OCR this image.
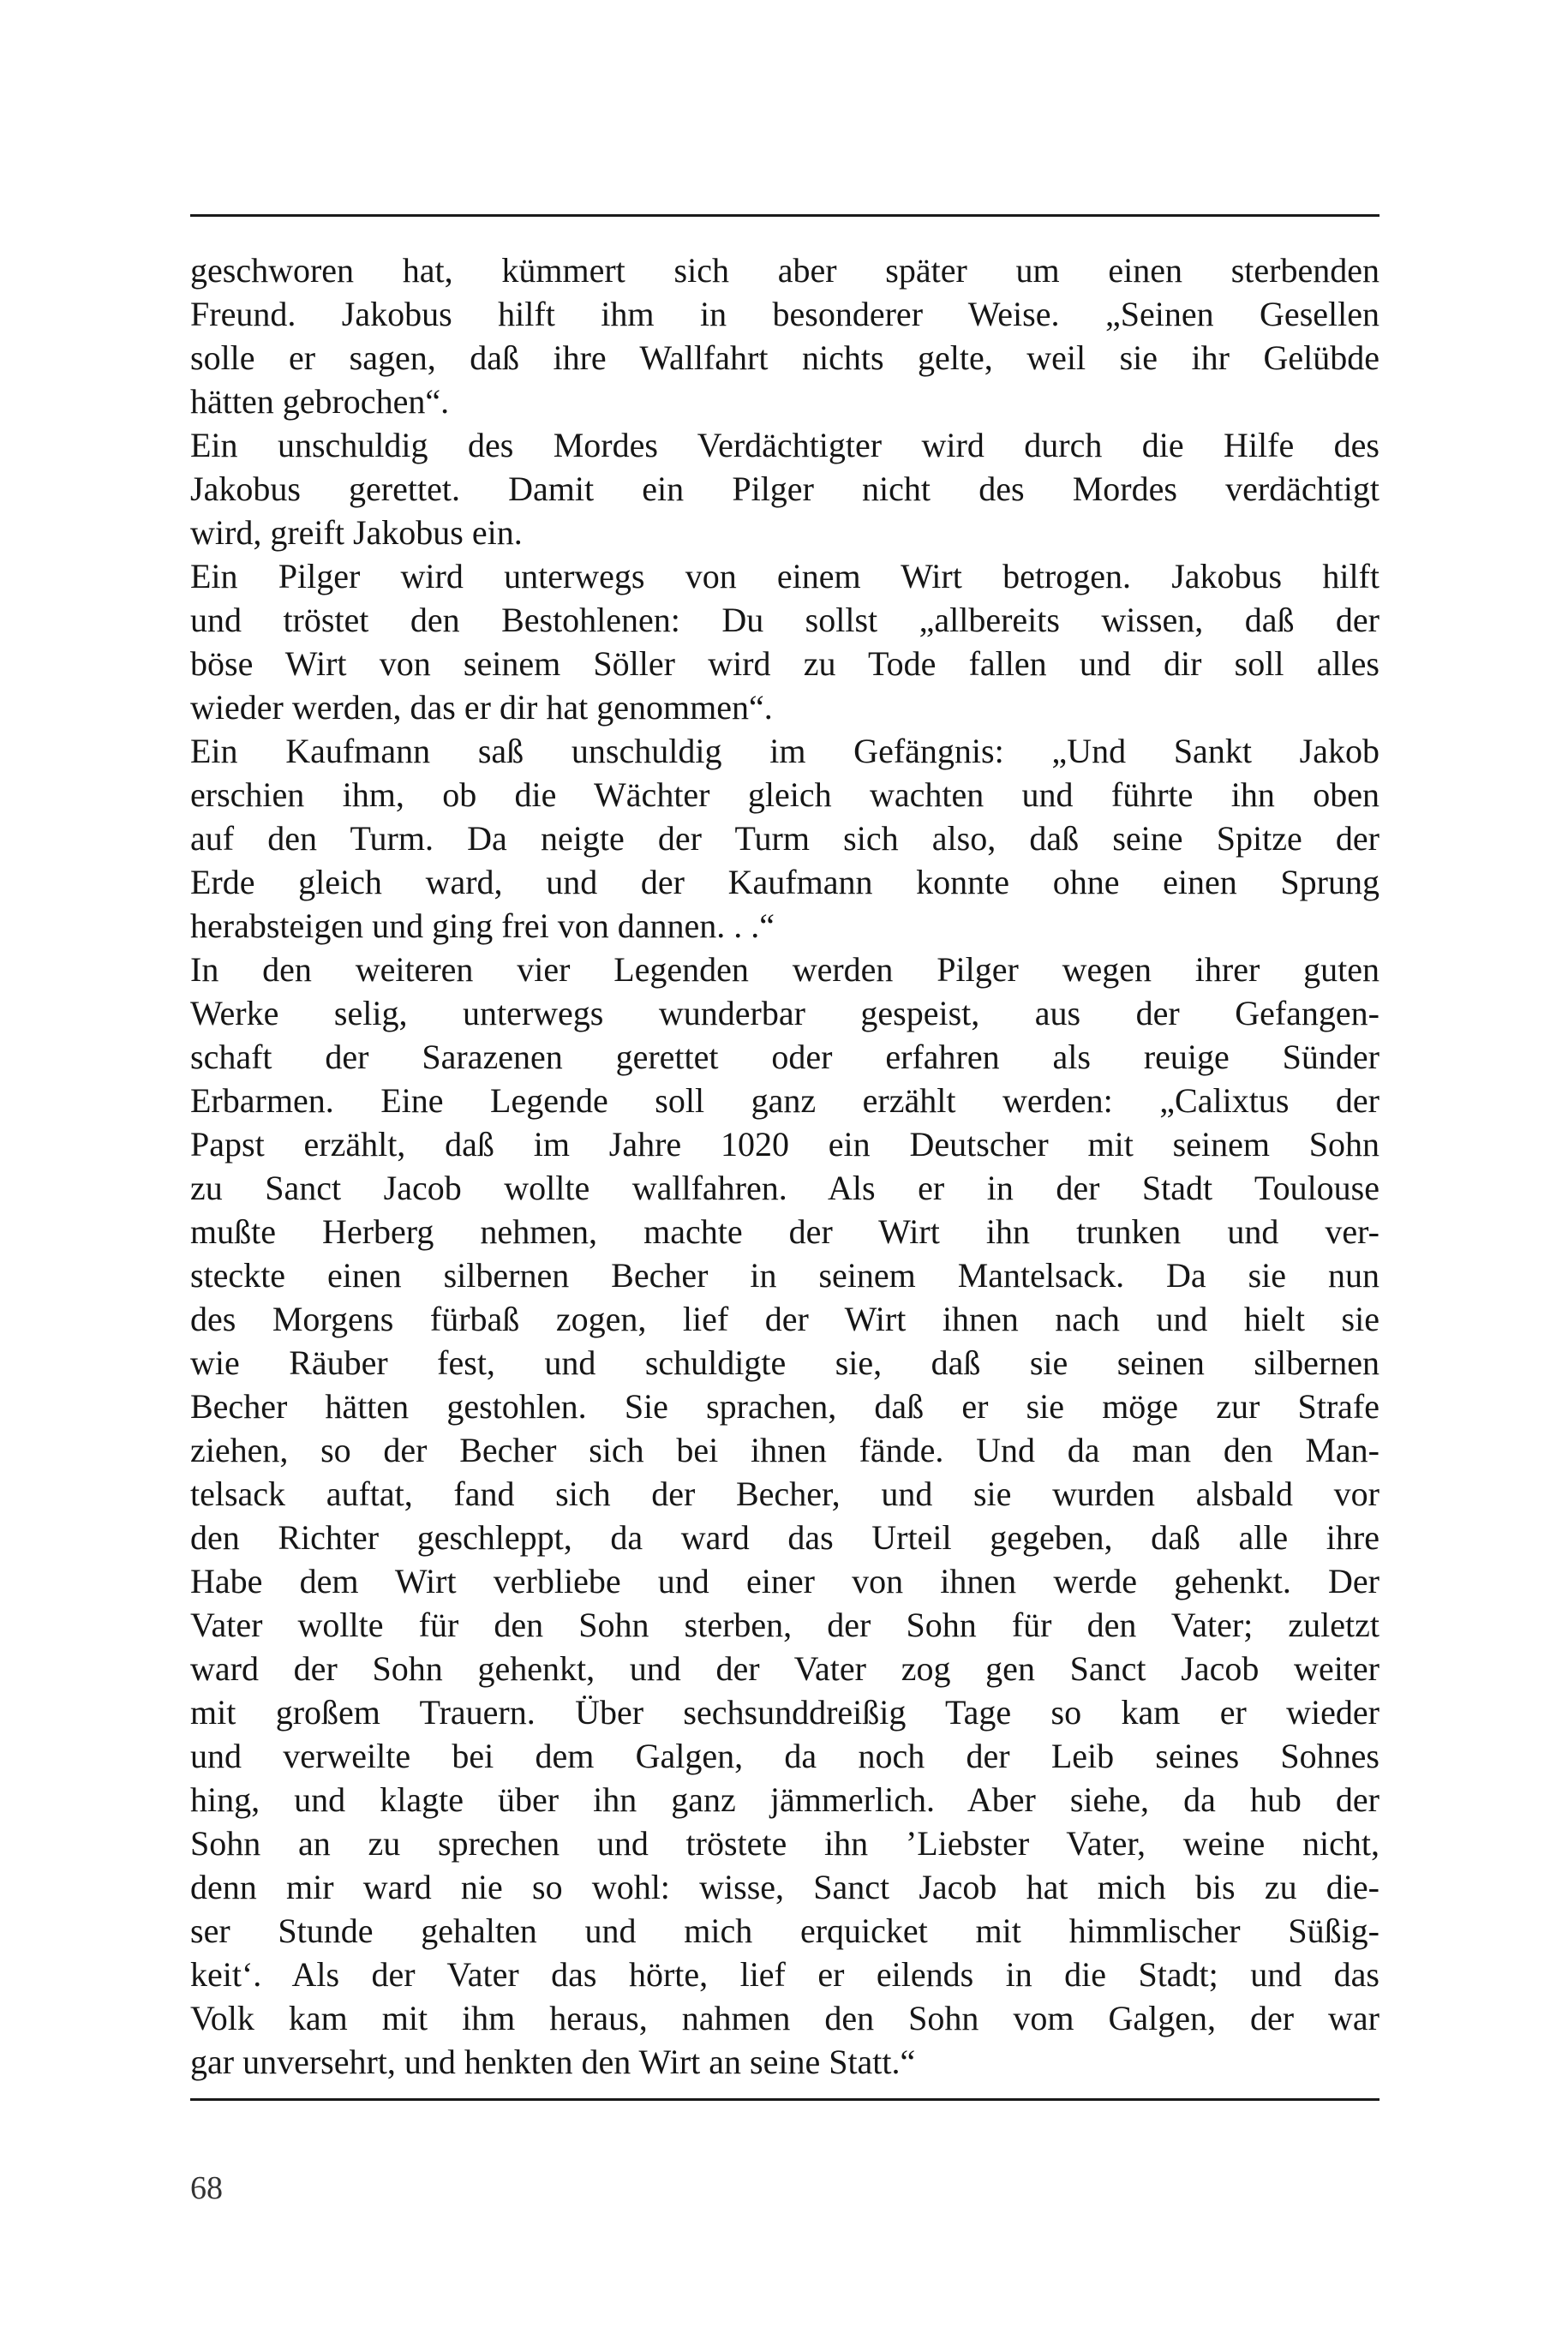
geschworen hat, kümmert sich aber später um einen sterbenden
Freund. Jakobus hilft ihm in besonderer Weise. „Seinen Gesellen
solle er sagen, daß ihre Wallfahrt nichts gelte, weil sie ihr Gelübde
hätten gebrochen“.
Ein unschuldig des Mordes Verdächtigter wird durch die Hilfe des
Jakobus gerettet. Damit ein Pilger nicht des Mordes verdächtigt
wird, greift Jakobus ein.
Ein Pilger wird unterwegs von einem Wirt betrogen. Jakobus hilft
und tröstet den Bestohlenen: Du sollst „allbereits wissen, daß der
böse Wirt von seinem Söller wird zu Tode fallen und dir soll alles
wieder werden, das er dir hat genommen“.
Ein Kaufmann saß unschuldig im Gefängnis: „Und Sankt Jakob
erschien ihm, ob die Wächter gleich wachten und führte ihn oben
auf den Turm. Da neigte der Turm sich also, daß seine Spitze der
Erde gleich ward, und der Kaufmann konnte ohne einen Sprung
herabsteigen und ging frei von dannen. . .“
In den weiteren vier Legenden werden Pilger wegen ihrer guten
Werke selig, unterwegs wunderbar gespeist, aus der Gefangen-
schaft der Sarazenen gerettet oder erfahren als reuige Sünder
Erbarmen. Eine Legende soll ganz erzählt werden: „Calixtus der
Papst erzählt, daß im Jahre 1020 ein Deutscher mit seinem Sohn
zu Sanct Jacob wollte wallfahren. Als er in der Stadt Toulouse
mußte Herberg nehmen, machte der Wirt ihn trunken und ver-
steckte einen silbernen Becher in seinem Mantelsack. Da sie nun
des Morgens fürbaß zogen, lief der Wirt ihnen nach und hielt sie
wie Räuber fest, und schuldigte sie, daß sie seinen silbernen
Becher hätten gestohlen. Sie sprachen, daß er sie möge zur Strafe
ziehen, so der Becher sich bei ihnen fände. Und da man den Man-
telsack auftat, fand sich der Becher, und sie wurden alsbald vor
den Richter geschleppt, da ward das Urteil gegeben, daß alle ihre
Habe dem Wirt verbliebe und einer von ihnen werde gehenkt. Der
Vater wollte für den Sohn sterben, der Sohn für den Vater; zuletzt
ward der Sohn gehenkt, und der Vater zog gen Sanct Jacob weiter
mit großem Trauern. Über sechsunddreißig Tage so kam er wieder
und verweilte bei dem Galgen, da noch der Leib seines Sohnes
hing, und klagte über ihn ganz jämmerlich. Aber siehe, da hub der
Sohn an zu sprechen und tröstete ihn ’Liebster Vater, weine nicht,
denn mir ward nie so wohl: wisse, Sanct Jacob hat mich bis zu die-
ser Stunde gehalten und mich erquicket mit himmlischer Süßig-
keit‘. Als der Vater das hörte, lief er eilends in die Stadt; und das
Volk kam mit ihm heraus, nahmen den Sohn vom Galgen, der war
gar unversehrt, und henkten den Wirt an seine Statt.“
68
